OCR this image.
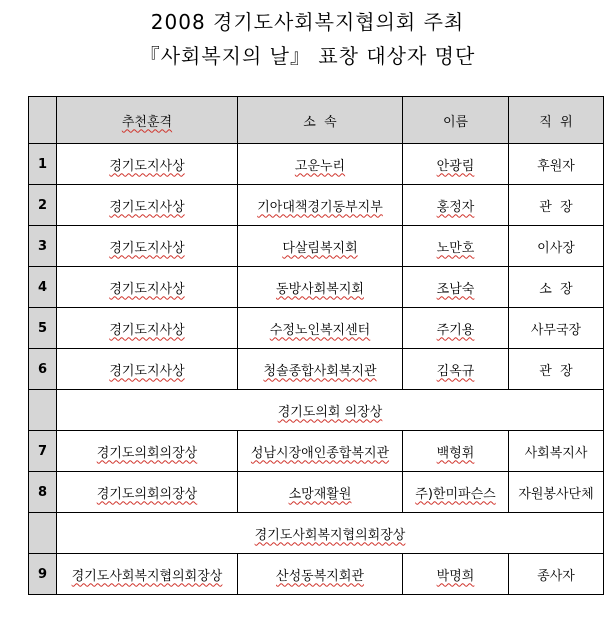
2008 경기도사회복지협의회 주최
『사회복지의 날』 표창 대상자 명단
	추천훈격	소  속	이름	직  위
1	경기도지사상	고운누리	안광림	후원자
2	경기도지사상	기아대책경기동부지부	홍정자	관  장
3	경기도지사상	다살림복지회	노만호	이사장
4	경기도지사상	동방사회복지회	조남숙	소  장
5	경기도지사상	수정노인복지센터	주기용	사무국장
6	경기도지사상	청솔종합사회복지관	김옥규	관  장
	경기도의회 의장상			
7	경기도의회의장상	성남시장애인종합복지관	백형휘	사회복지사
8	경기도의회의장상	소망재활원	주)한미파슨스	자원봉사단체
	경기도사회복지협의회장상			
9	경기도사회복지협의회장상	산성동복지회관	박명희	종사자
